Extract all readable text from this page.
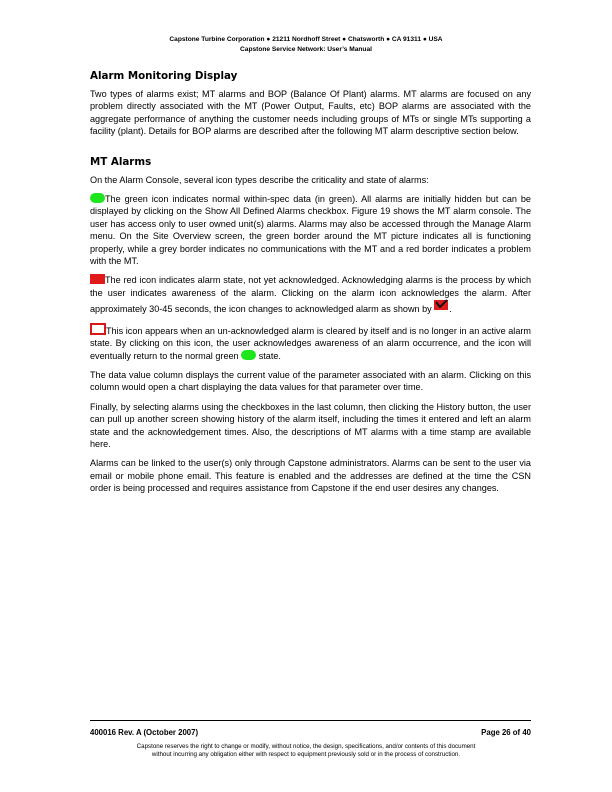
Capstone Turbine Corporation ● 21211 Nordhoff Street ● Chatsworth ● CA 91311 ● USA
Capstone Service Network: User’s Manual
Alarm Monitoring Display

Two types of alarms exist; MT alarms and BOP (Balance Of Plant) alarms. MT alarms are focused on any problem directly associated with the MT (Power Output, Faults, etc) BOP alarms are associated with the aggregate performance of anything the customer needs including groups of MTs or single MTs supporting a facility (plant). Details for BOP alarms are described after the following MT alarm descriptive section below.

MT Alarms

On the Alarm Console, several icon types describe the criticality and state of alarms:

The green icon indicates normal within-spec data (in green). All alarms are initially hidden but can be displayed by clicking on the Show All Defined Alarms checkbox. Figure 19 shows the MT alarm console. The user has access only to user owned unit(s) alarms. Alarms may also be accessed through the Manage Alarm menu. On the Site Overview screen, the green border around the MT picture indicates all is functioning properly, while a grey border indicates no communications with the MT and a red border indicates a problem with the MT.

The red icon indicates alarm state, not yet acknowledged. Acknowledging alarms is the process by which the user indicates awareness of the alarm. Clicking on the alarm icon acknowledges the alarm. After approximately 30-45 seconds, the icon changes to acknowledged alarm as shown by .

This icon appears when an un-acknowledged alarm is cleared by itself and is no longer in an active alarm state. By clicking on this icon, the user acknowledges awareness of an alarm occurrence, and the icon will eventually return to the normal green state.

The data value column displays the current value of the parameter associated with an alarm. Clicking on this column would open a chart displaying the data values for that parameter over time.

Finally, by selecting alarms using the checkboxes in the last column, then clicking the History button, the user can pull up another screen showing history of the alarm itself, including the times it entered and left an alarm state and the acknowledgement times. Also, the descriptions of MT alarms with a time stamp are available here.

Alarms can be linked to the user(s) only through Capstone administrators. Alarms can be sent to the user via email or mobile phone email. This feature is enabled and the addresses are defined at the time the CSN order is being processed and requires assistance from Capstone if the end user desires any changes.

400016 Rev. A (October 2007)	Page 26 of 40
Capstone reserves the right to change or modify, without notice, the design, specifications, and/or contents of this document
without incurring any obligation either with respect to equipment previously sold or in the process of construction.
